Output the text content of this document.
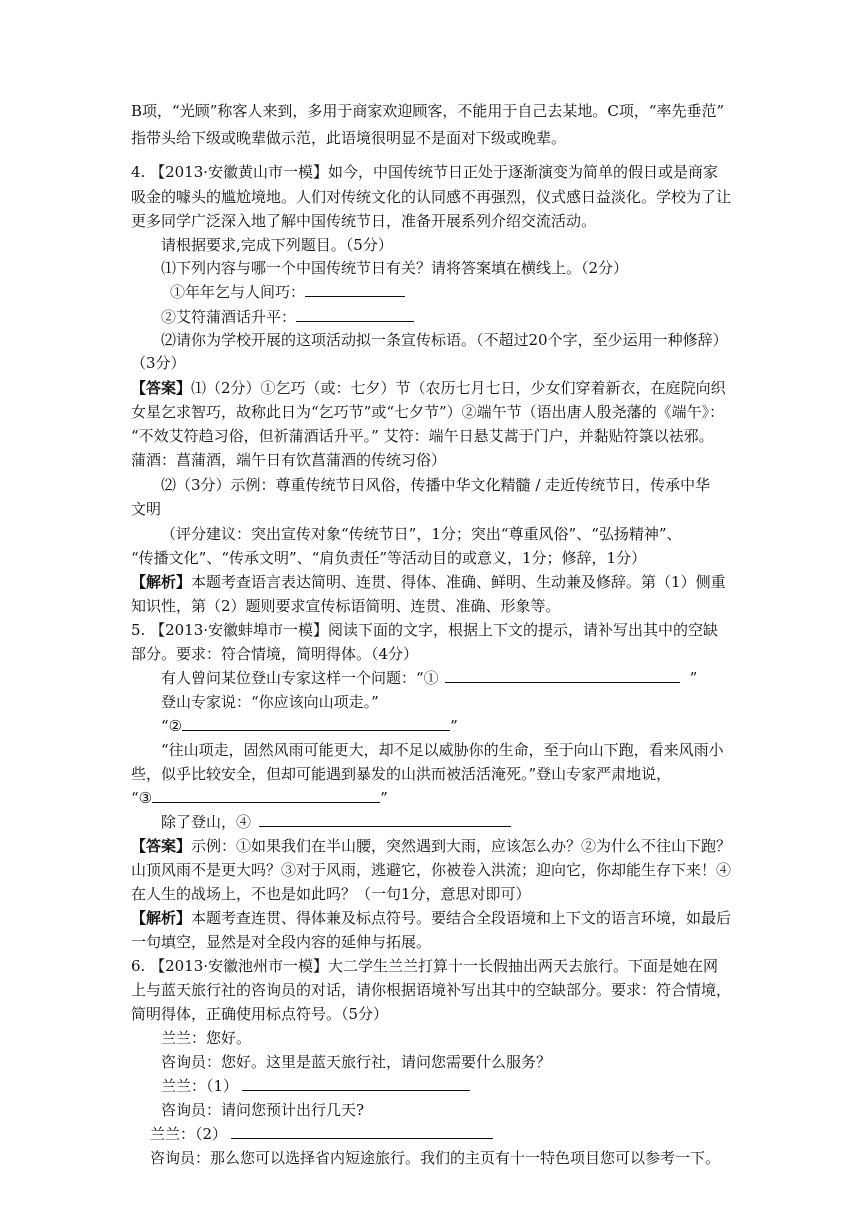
B项，“光顾”称客人来到，多用于商家欢迎顾客，不能用于自己去某地。C项，“率先垂范”
指带头给下级或晚辈做示范，此语境很明显不是面对下级或晚辈。
4. 【2013·安徽黄山市一模】如今，中国传统节日正处于逐渐演变为简单的假日或是商家
吸金的噱头的尴尬境地。人们对传统文化的认同感不再强烈，仪式感日益淡化。学校为了让
更多同学广泛深入地了解中国传统节日，准备开展系列介绍交流活动。
请根据要求,完成下列题目。（5分）
⑴下列内容与哪一个中国传统节日有关？请将答案填在横线上。（2分）
①年年乞与人间巧：
②艾符蒲酒话升平：
⑵请你为学校开展的这项活动拟一条宣传标语。（不超过20个字，至少运用一种修辞）
（3分）
【答案】⑴（2分）①乞巧（或：七夕）节（农历七月七日，少女们穿着新衣，在庭院向织
女星乞求智巧，故称此日为“乞巧节”或“七夕节”）②端午节（语出唐人殷尧藩的《端午》：
“不效艾符趋习俗，但祈蒲酒话升平。” 艾符：端午日悬艾蒿于门户，并黏贴符箓以祛邪。
蒲酒：菖蒲酒，端午日有饮菖蒲酒的传统习俗）
⑵（3分）示例：尊重传统节日风俗，传播中华文化精髓 / 走近传统节日，传承中华
文明
（评分建议：突出宣传对象“传统节日”，1分；突出“尊重风俗”、“弘扬精神”、
“传播文化”、“传承文明”、“肩负责任”等活动目的或意义，1分；修辞，1分）
【解析】本题考查语言表达简明、连贯、得体、准确、鲜明、生动兼及修辞。第（1）侧重
知识性，第（2）题则要求宣传标语简明、连贯、准确、形象等。
5. 【2013·安徽蚌埠市一模】阅读下面的文字，根据上下文的提示，请补写出其中的空缺
部分。要求：符合情境，简明得体。（4分）
有人曾问某位登山专家这样一个问题：“①	”
登山专家说：“你应该向山项走。”
“②	”
“往山项走，固然风雨可能更大，却不足以威胁你的生命，至于向山下跑，看来风雨小
些，似乎比较安全，但却可能遇到暴发的山洪而被活活淹死。”登山专家严肃地说，
“③	”
除了登山，④
【答案】示例：①如果我们在半山腰，突然遇到大雨，应该怎么办？②为什么不往山下跑？
山顶风雨不是更大吗？③对于风雨，逃避它，你被卷入洪流；迎向它，你却能生存下来！④
在人生的战场上，不也是如此吗？（一句1分，意思对即可）
【解析】本题考查连贯、得体兼及标点符号。要结合全段语境和上下文的语言环境，如最后
一句填空，显然是对全段内容的延伸与拓展。
6. 【2013·安徽池州市一模】大二学生兰兰打算十一长假抽出两天去旅行。下面是她在网
上与蓝天旅行社的咨询员的对话，请你根据语境补写出其中的空缺部分。要求：符合情境，
简明得体，正确使用标点符号。（5分）
兰兰：您好。
咨询员：您好。这里是蓝天旅行社，请问您需要什么服务？
兰兰：（1）
咨询员：请问您预计出行几天?
兰兰：（2）
咨询员：那么您可以选择省内短途旅行。我们的主页有十一特色项目您可以参考一下。
